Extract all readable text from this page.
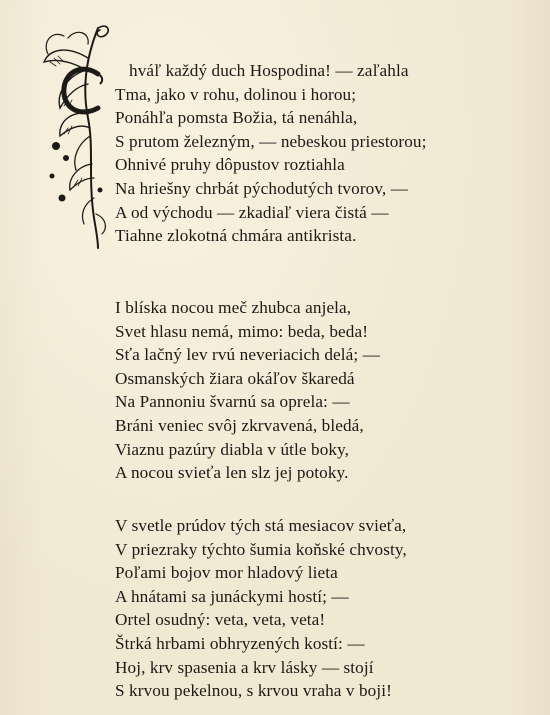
hváľ každý duch Hospodina! — zaľahla
Tma, jako v rohu, dolinou i horou;
Ponáhľa pomsta Božia, tá nenáhla,
S prutom železným, — nebeskou priestorou;
Ohnivé pruhy dôpustov roztiahla
Na hriešny chrbát pýchodutých tvorov, —
A od východu — zkadiaľ viera čistá —
Tiahne zlokotná chmára antikrista.
I blíska nocou meč zhubca anjela,
Svet hlasu nemá, mimo: beda, beda!
Sťa lačný lev rvú neveriacich delá; —
Osmanských žiara okáľov škaredá
Na Pannoniu švarnú sa oprela: —
Bráni veniec svôj zkrvavená, bledá,
Viaznu pazúry diabla v útle boky,
A nocou svieťa len slz jej potoky.
V svetle prúdov tých stá mesiacov svieťa,
V priezraky týchto šumia koňské chvosty,
Poľami bojov mor hladový lieta
A hnátami sa junáckymi hostí; —
Ortel osudný: veta, veta, veta!
Štrká hrbami obhryzených kostí: —
Hoj, krv spasenia a krv lásky — stojí
S krvou pekelnou, s krvou vraha v boji!
